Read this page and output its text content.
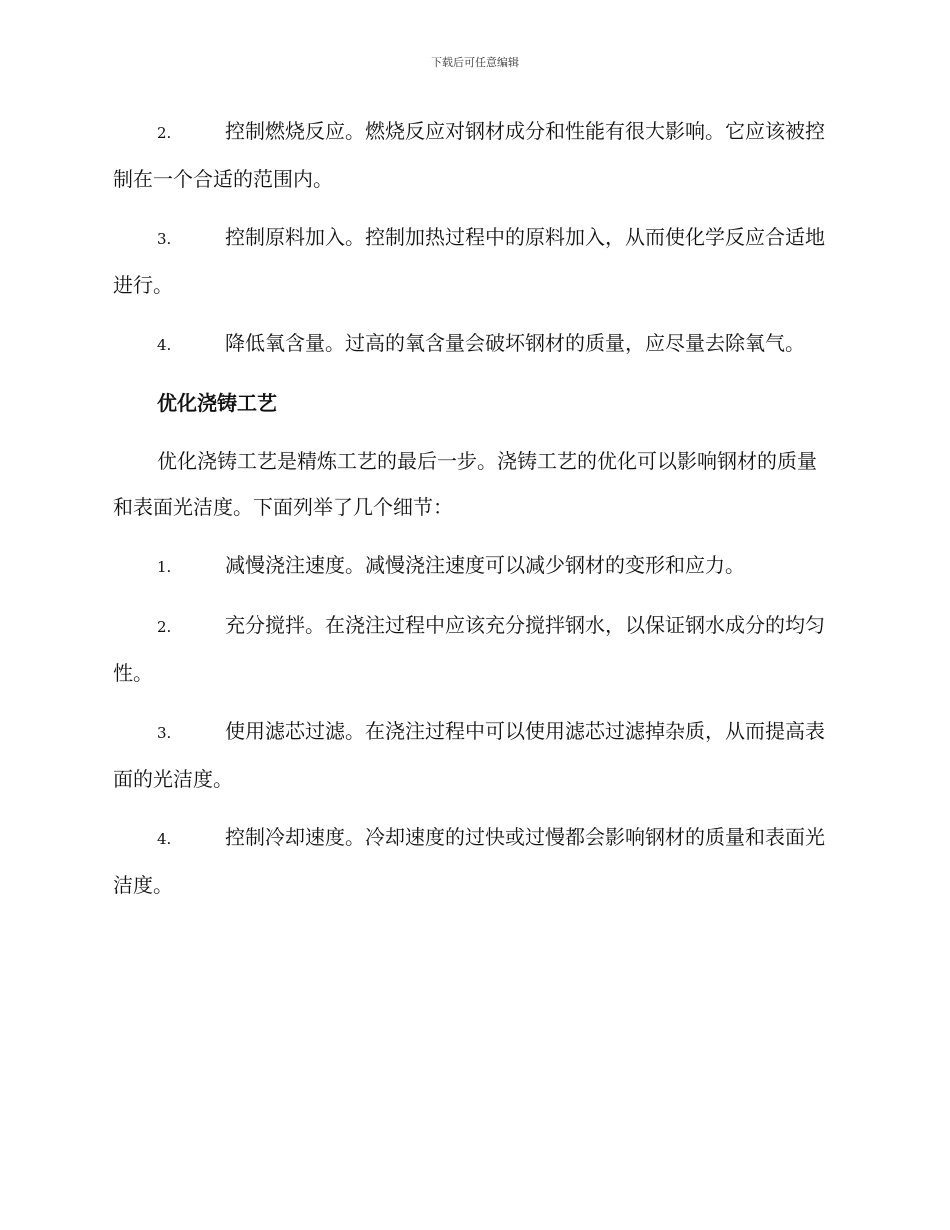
下载后可任意编辑
2.	控制燃烧反应。燃烧反应对钢材成分和性能有很大影响。它应该被控制在一个合适的范围内。
3.	控制原料加入。控制加热过程中的原料加入，从而使化学反应合适地进行。
4.	降低氧含量。过高的氧含量会破坏钢材的质量，应尽量去除氧气。
优化浇铸工艺
优化浇铸工艺是精炼工艺的最后一步。浇铸工艺的优化可以影响钢材的质量和表面光洁度。下面列举了几个细节：
1.	减慢浇注速度。减慢浇注速度可以减少钢材的变形和应力。
2.	充分搅拌。在浇注过程中应该充分搅拌钢水，以保证钢水成分的均匀性。
3.	使用滤芯过滤。在浇注过程中可以使用滤芯过滤掉杂质，从而提高表面的光洁度。
4.	控制冷却速度。冷却速度的过快或过慢都会影响钢材的质量和表面光洁度。
